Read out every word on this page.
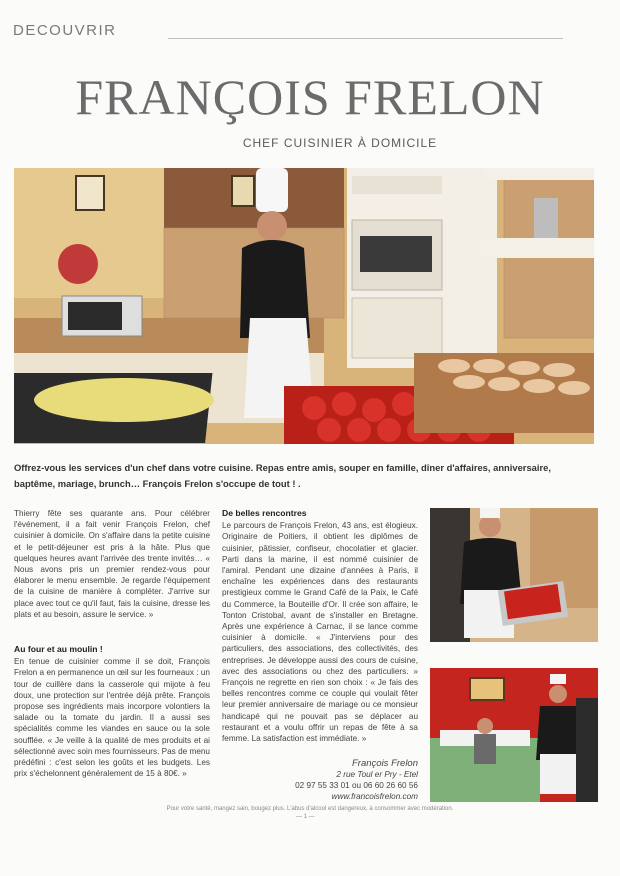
DECOUVRIR
FRANÇOIS FRELON
CHEF CUISINIER À DOMICILE
Offrez-vous les services d'un chef dans votre cuisine. Repas entre amis, souper en famille, dîner d'affaires, anniversaire, baptême, mariage, brunch… François Frelon s'occupe de tout ! .

Thierry fête ses quarante ans. Pour célébrer l'événement, il a fait venir François Frelon, chef cuisinier à domicile. On s'affaire dans la petite cuisine et le petit-déjeuner est pris à la hâte. Plus que quelques heures avant l'arrivée des trente invités… « Nous avons pris un premier rendez-vous pour élaborer le menu ensemble. Je regarde l'équipement de la cuisine de manière à compléter. J'arrive sur place avec tout ce qu'il faut, fais la cuisine, dresse les plats et au besoin, assure le service. »

Au four et au moulin !

En tenue de cuisinier comme il se doit, François Frelon a en permanence un œil sur les fourneaux : un tour de cuillère dans la casserole qui mijote à feu doux, une protection sur l'entrée déjà prête. François propose ses ingrédients mais incorpore volontiers la salade ou la tomate du jardin. Il a aussi ses spécialités comme les viandes en sauce ou la sole soufflée. « Je veille à la qualité de mes produits et ai sélectionné avec soin mes fournisseurs. Pas de menu prédéfini : c'est selon les goûts et les budgets. Les prix s'échelonnent généralement de 15 à 80€. »

De belles rencontres

Le parcours de François Frelon, 43 ans, est élogieux. Originaire de Poitiers, il obtient les diplômes de cuisinier, pâtissier, confiseur, chocolatier et glacier. Parti dans la marine, il est nommé cuisinier de l'amiral. Pendant une dizaine d'années à Paris, il enchaîne les expériences dans des restaurants prestigieux comme le Grand Café de la Paix, le Café du Commerce, la Bouteille d'Or. Il crée son affaire, le Tonton Cristobal, avant de s'installer en Bretagne. Après une expérience à Carnac, il se lance comme cuisinier à domicile. « J'interviens pour des particuliers, des associations, des collectivités, des entreprises. Je développe aussi des cours de cuisine, avec des associations ou chez des particuliers. » François ne regrette en rien son choix : « Je fais des belles rencontres comme ce couple qui voulait fêter leur premier anniversaire de mariage ou ce monsieur handicapé qui ne pouvait pas se déplacer au restaurant et a voulu offrir un repas de fête à sa femme. La satisfaction est immédiate. »

François Frelon
2 rue Toul er Pry - Etel
02 97 55 33 01 ou 06 60 26 60 56
www.francoisfrelon.com
Pour votre santé, mangez sain, bougez plus. L'abus d'alcool est dangereux, à consommer avec modération.
— 1 —
